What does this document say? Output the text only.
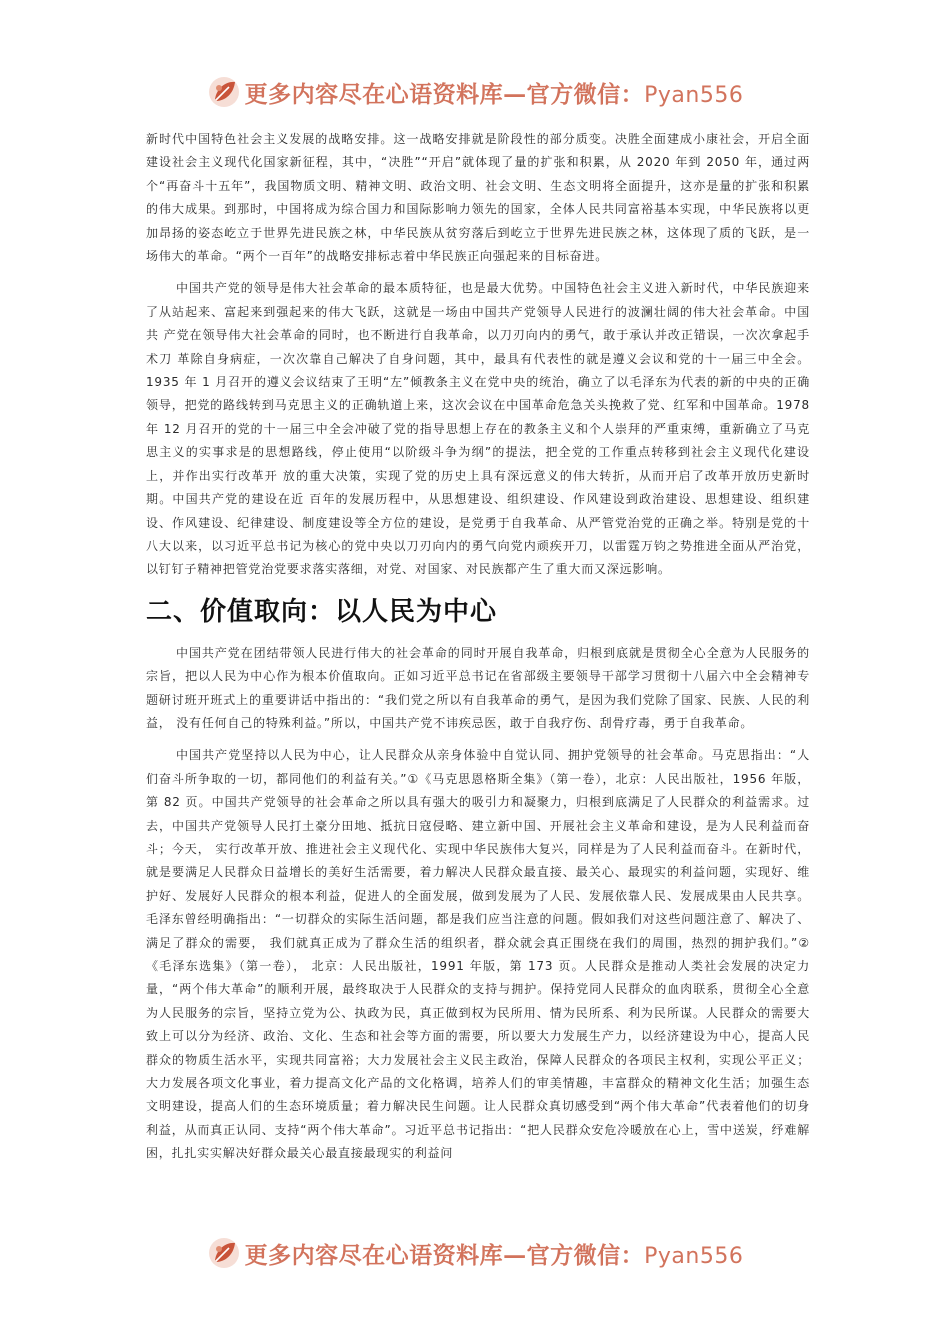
更多内容尽在心语资料库—官方微信：Pyan556

新时代中国特色社会主义发展的战略安排。这一战略安排就是阶段性的部分质变。决胜全面建成小康社会，开启全面建设社会主义现代化国家新征程，其中，“决胜”“开启”就体现了量的扩张和积累，从 2020 年到 2050 年，通过两个“再奋斗十五年”，我国物质文明、精神文明、政治文明、社会文明、生态文明将全面提升，这亦是量的扩张和积累的伟大成果。到那时，中国将成为综合国力和国际影响力领先的国家，全体人民共同富裕基本实现，中华民族将以更加昂扬的姿态屹立于世界先进民族之林，中华民族从贫穷落后到屹立于世界先进民族之林，这体现了质的飞跃，是一场伟大的革命。“两个一百年”的战略安排标志着中华民族正向强起来的目标奋进。

中国共产党的领导是伟大社会革命的最本质特征，也是最大优势。中国特色社会主义进入新时代，中华民族迎来 了从站起来、富起来到强起来的伟大飞跃，这就是一场由中国共产党领导人民进行的波澜壮阔的伟大社会革命。中国共 产党在领导伟大社会革命的同时，也不断进行自我革命，以刀刃向内的勇气，敢于承认并改正错误，一次次拿起手术刀 革除自身病症，一次次靠自己解决了自身问题，其中，最具有代表性的就是遵义会议和党的十一届三中全会。1935 年 1 月召开的遵义会议结束了王明“左”倾教条主义在党中央的统治，确立了以毛泽东为代表的新的中央的正确领导，把党的路线转到马克思主义的正确轨道上来，这次会议在中国革命危急关头挽救了党、红军和中国革命。1978 年 12 月召开的党的十一届三中全会冲破了党的指导思想上存在的教条主义和个人崇拜的严重束缚，重新确立了马克思主义的实事求是的思想路线，停止使用“以阶级斗争为纲”的提法，把全党的工作重点转移到社会主义现代化建设上，并作出实行改革开 放的重大决策，实现了党的历史上具有深远意义的伟大转折，从而开启了改革开放历史新时期。中国共产党的建设在近 百年的发展历程中，从思想建设、组织建设、作风建设到政治建设、思想建设、组织建设、作风建设、纪律建设、制度建设等全方位的建设，是党勇于自我革命、从严管党治党的正确之举。特别是党的十八大以来，以习近平总书记为核心的党中央以刀刃向内的勇气向党内顽疾开刀，以雷霆万钧之势推进全面从严治党，以钉钉子精神把管党治党要求落实落细，对党、对国家、对民族都产生了重大而又深远影响。

二、价值取向：以人民为中心

中国共产党在团结带领人民进行伟大的社会革命的同时开展自我革命，归根到底就是贯彻全心全意为人民服务的 宗旨，把以人民为中心作为根本价值取向。正如习近平总书记在省部级主要领导干部学习贯彻十八届六中全会精神专题研讨班开班式上的重要讲话中指出的：“我们党之所以有自我革命的勇气，是因为我们党除了国家、民族、人民的利益， 没有任何自己的特殊利益。”所以，中国共产党不讳疾忌医，敢于自我疗伤、刮骨疗毒，勇于自我革命。

中国共产党坚持以人民为中心，让人民群众从亲身体验中自觉认同、拥护党领导的社会革命。马克思指出：“人们奋斗所争取的一切，都同他们的利益有关。”①《马克思恩格斯全集》（第一卷），北京：人民出版社，1956 年版，第 82 页。中国共产党领导的社会革命之所以具有强大的吸引力和凝聚力，归根到底满足了人民群众的利益需求。过去，中国共产党领导人民打土豪分田地、抵抗日寇侵略、建立新中国、开展社会主义革命和建设，是为人民利益而奋斗；今天， 实行改革开放、推进社会主义现代化、实现中华民族伟大复兴，同样是为了人民利益而奋斗。在新时代，就是要满足人民群众日益增长的美好生活需要，着力解决人民群众最直接、最关心、最现实的利益问题，实现好、维护好、发展好人民群众的根本利益，促进人的全面发展，做到发展为了人民、发展依靠人民、发展成果由人民共享。毛泽东曾经明确指出：“一切群众的实际生活问题，都是我们应当注意的问题。假如我们对这些问题注意了、解决了、满足了群众的需要， 我们就真正成为了群众生活的组织者，群众就会真正围绕在我们的周围，热烈的拥护我们。”②《毛泽东选集》（第一卷）， 北京：人民出版社，1991 年版，第 173 页。人民群众是推动人类社会发展的决定力量，“两个伟大革命”的顺利开展，最终取决于人民群众的支持与拥护。保持党同人民群众的血肉联系，贯彻全心全意为人民服务的宗旨，坚持立党为公、执政为民，真正做到权为民所用、情为民所系、利为民所谋。人民群众的需要大致上可以分为经济、政治、文化、生态和社会等方面的需要，所以要大力发展生产力，以经济建设为中心，提高人民群众的物质生活水平，实现共同富裕；大力发展社会主义民主政治，保障人民群众的各项民主权利，实现公平正义；大力发展各项文化事业，着力提高文化产品的文化格调，培养人们的审美情趣，丰富群众的精神文化生活；加强生态文明建设，提高人们的生态环境质量；着力解决民生问题。让人民群众真切感受到“两个伟大革命”代表着他们的切身利益，从而真正认同、支持“两个伟大革命”。习近平总书记指出：“把人民群众安危冷暖放在心上，雪中送炭，纾难解困，扎扎实实解决好群众最关心最直接最现实的利益问

更多内容尽在心语资料库—官方微信：Pyan556
